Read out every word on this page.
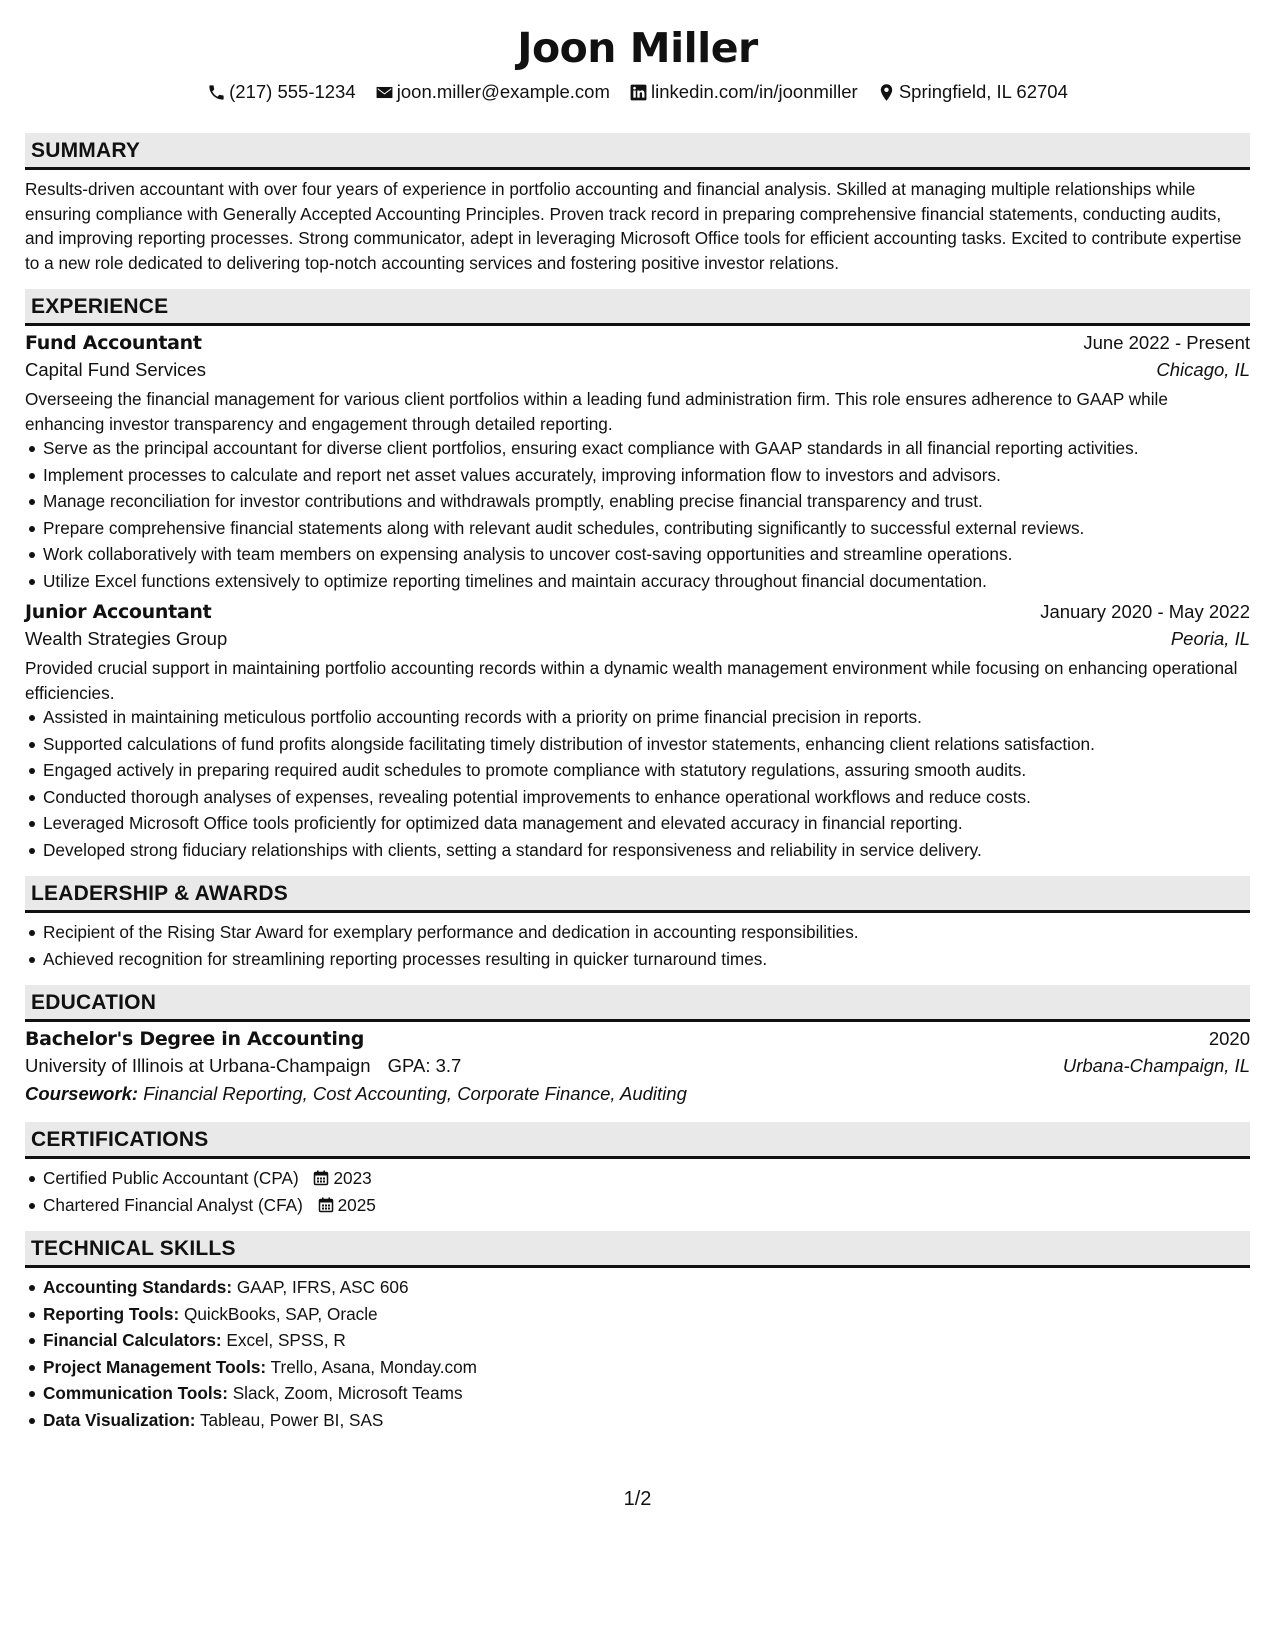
Joon Miller
(217) 555-1234
joon.miller@example.com
linkedin.com/in/joonmiller
Springfield, IL 62704
SUMMARY

Results-driven accountant with over four years of experience in portfolio accounting and financial analysis. Skilled at managing multiple relationships while ensuring compliance with Generally Accepted Accounting Principles. Proven track record in preparing comprehensive financial statements, conducting audits, and improving reporting processes. Strong communicator, adept in leveraging Microsoft Office tools for efficient accounting tasks. Excited to contribute expertise to a new role dedicated to delivering top-notch accounting services and fostering positive investor relations.

EXPERIENCE
Fund Accountant	June 2022 - Present
Capital Fund Services	Chicago, IL

Overseeing the financial management for various client portfolios within a leading fund administration firm. This role ensures adherence to GAAP while enhancing investor transparency and engagement through detailed reporting.

Serve as the principal accountant for diverse client portfolios, ensuring exact compliance with GAAP standards in all financial reporting activities.
Implement processes to calculate and report net asset values accurately, improving information flow to investors and advisors.
Manage reconciliation for investor contributions and withdrawals promptly, enabling precise financial transparency and trust.
Prepare comprehensive financial statements along with relevant audit schedules, contributing significantly to successful external reviews.
Work collaboratively with team members on expensing analysis to uncover cost-saving opportunities and streamline operations.
Utilize Excel functions extensively to optimize reporting timelines and maintain accuracy throughout financial documentation.
Junior Accountant	January 2020 - May 2022
Wealth Strategies Group	Peoria, IL

Provided crucial support in maintaining portfolio accounting records within a dynamic wealth management environment while focusing on enhancing operational efficiencies.

Assisted in maintaining meticulous portfolio accounting records with a priority on prime financial precision in reports.
Supported calculations of fund profits alongside facilitating timely distribution of investor statements, enhancing client relations satisfaction.
Engaged actively in preparing required audit schedules to promote compliance with statutory regulations, assuring smooth audits.
Conducted thorough analyses of expenses, revealing potential improvements to enhance operational workflows and reduce costs.
Leveraged Microsoft Office tools proficiently for optimized data management and elevated accuracy in financial reporting.
Developed strong fiduciary relationships with clients, setting a standard for responsiveness and reliability in service delivery.
LEADERSHIP & AWARDS
Recipient of the Rising Star Award for exemplary performance and dedication in accounting responsibilities.
Achieved recognition for streamlining reporting processes resulting in quicker turnaround times.
EDUCATION
Bachelor's Degree in Accounting	2020
University of Illinois at Urbana-Champaign GPA: 3.7	Urbana-Champaign, IL
Coursework: Financial Reporting, Cost Accounting, Corporate Finance, Auditing
CERTIFICATIONS
Certified Public Accountant (CPA) 2023
Chartered Financial Analyst (CFA) 2025
TECHNICAL SKILLS
Accounting Standards: GAAP, IFRS, ASC 606
Reporting Tools: QuickBooks, SAP, Oracle
Financial Calculators: Excel, SPSS, R
Project Management Tools: Trello, Asana, Monday.com
Communication Tools: Slack, Zoom, Microsoft Teams
Data Visualization: Tableau, Power BI, SAS
1/2
